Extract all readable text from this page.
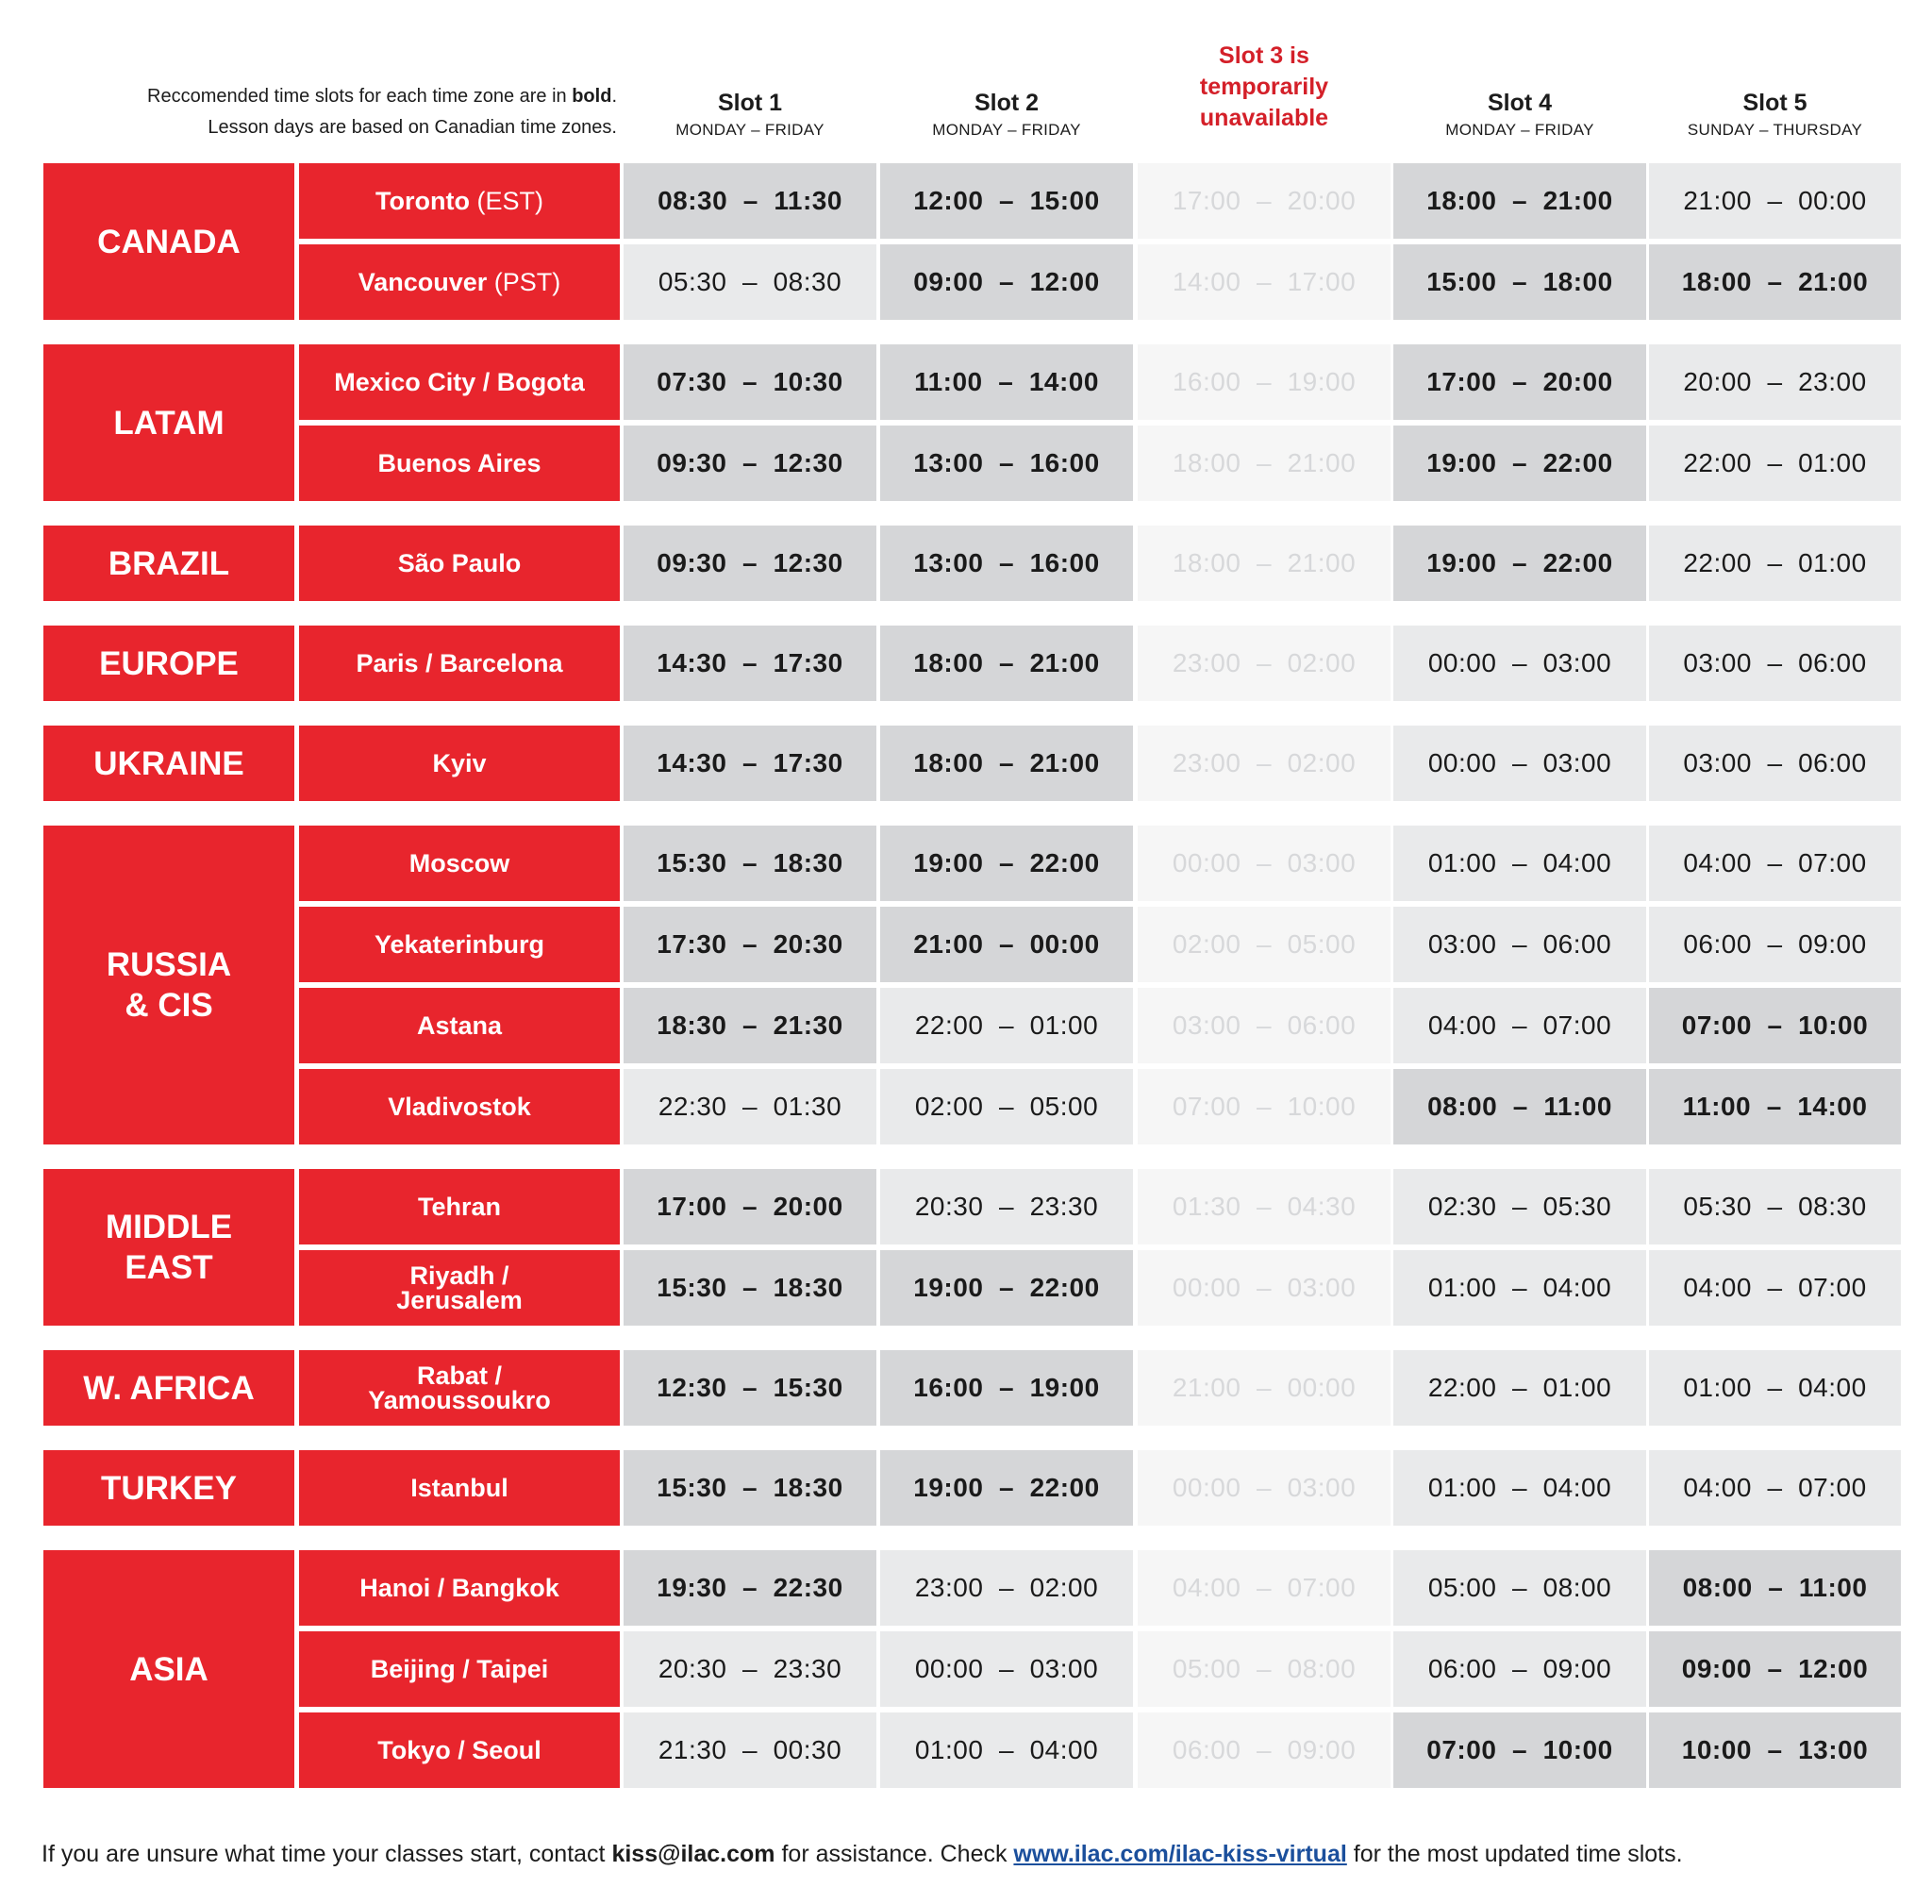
Reccomended time slots for each time zone are in bold.
Lesson days are based on Canadian time zones.
Slot 1
MONDAY – FRIDAY
Slot 2
MONDAY – FRIDAY
Slot 3 is
temporarily
unavailable
Slot 4
MONDAY – FRIDAY
Slot 5
SUNDAY – THURSDAY
CANADA
Toronto (EST)	08:30  –  11:30	12:00  –  15:00	17:00  –  20:00	18:00  –  21:00	21:00  –  00:00
Vancouver (PST)	05:30  –  08:30	09:00  –  12:00	14:00  –  17:00	15:00  –  18:00	18:00  –  21:00
LATAM
Mexico City / Bogota	07:30  –  10:30	11:00  –  14:00	16:00  –  19:00	17:00  –  20:00	20:00  –  23:00
Buenos Aires	09:30  –  12:30	13:00  –  16:00	18:00  –  21:00	19:00  –  22:00	22:00  –  01:00
BRAZIL	São Paulo	09:30  –  12:30	13:00  –  16:00	18:00  –  21:00	19:00  –  22:00	22:00  –  01:00
EUROPE	Paris / Barcelona	14:30  –  17:30	18:00  –  21:00	23:00  –  02:00	00:00  –  03:00	03:00  –  06:00
UKRAINE	Kyiv	14:30  –  17:30	18:00  –  21:00	23:00  –  02:00	00:00  –  03:00	03:00  –  06:00
RUSSIA
& CIS
Moscow	15:30  –  18:30	19:00  –  22:00	00:00  –  03:00	01:00  –  04:00	04:00  –  07:00
Yekaterinburg	17:30  –  20:30	21:00  –  00:00	02:00  –  05:00	03:00  –  06:00	06:00  –  09:00
Astana	18:30  –  21:30	22:00  –  01:00	03:00  –  06:00	04:00  –  07:00	07:00  –  10:00
Vladivostok	22:30  –  01:30	02:00  –  05:00	07:00  –  10:00	08:00  –  11:00	11:00  –  14:00
MIDDLE
EAST
Tehran	17:00  –  20:00	20:30  –  23:30	01:30  –  04:30	02:30  –  05:30	05:30  –  08:30
Riyadh /
Jerusalem	15:30  –  18:30	19:00  –  22:00	00:00  –  03:00	01:00  –  04:00	04:00  –  07:00
W. AFRICA	Rabat /
Yamoussoukro	12:30  –  15:30	16:00  –  19:00	21:00  –  00:00	22:00  –  01:00	01:00  –  04:00
TURKEY	Istanbul	15:30  –  18:30	19:00  –  22:00	00:00  –  03:00	01:00  –  04:00	04:00  –  07:00
ASIA
Hanoi / Bangkok	19:30  –  22:30	23:00  –  02:00	04:00  –  07:00	05:00  –  08:00	08:00  –  11:00
Beijing / Taipei	20:30  –  23:30	00:00  –  03:00	05:00  –  08:00	06:00  –  09:00	09:00  –  12:00
Tokyo / Seoul	21:30  –  00:30	01:00  –  04:00	06:00  –  09:00	07:00  –  10:00	10:00  –  13:00
If you are unsure what time your classes start, contact kiss@ilac.com for assistance. Check www.ilac.com/ilac-kiss-virtual for the most updated time slots.
